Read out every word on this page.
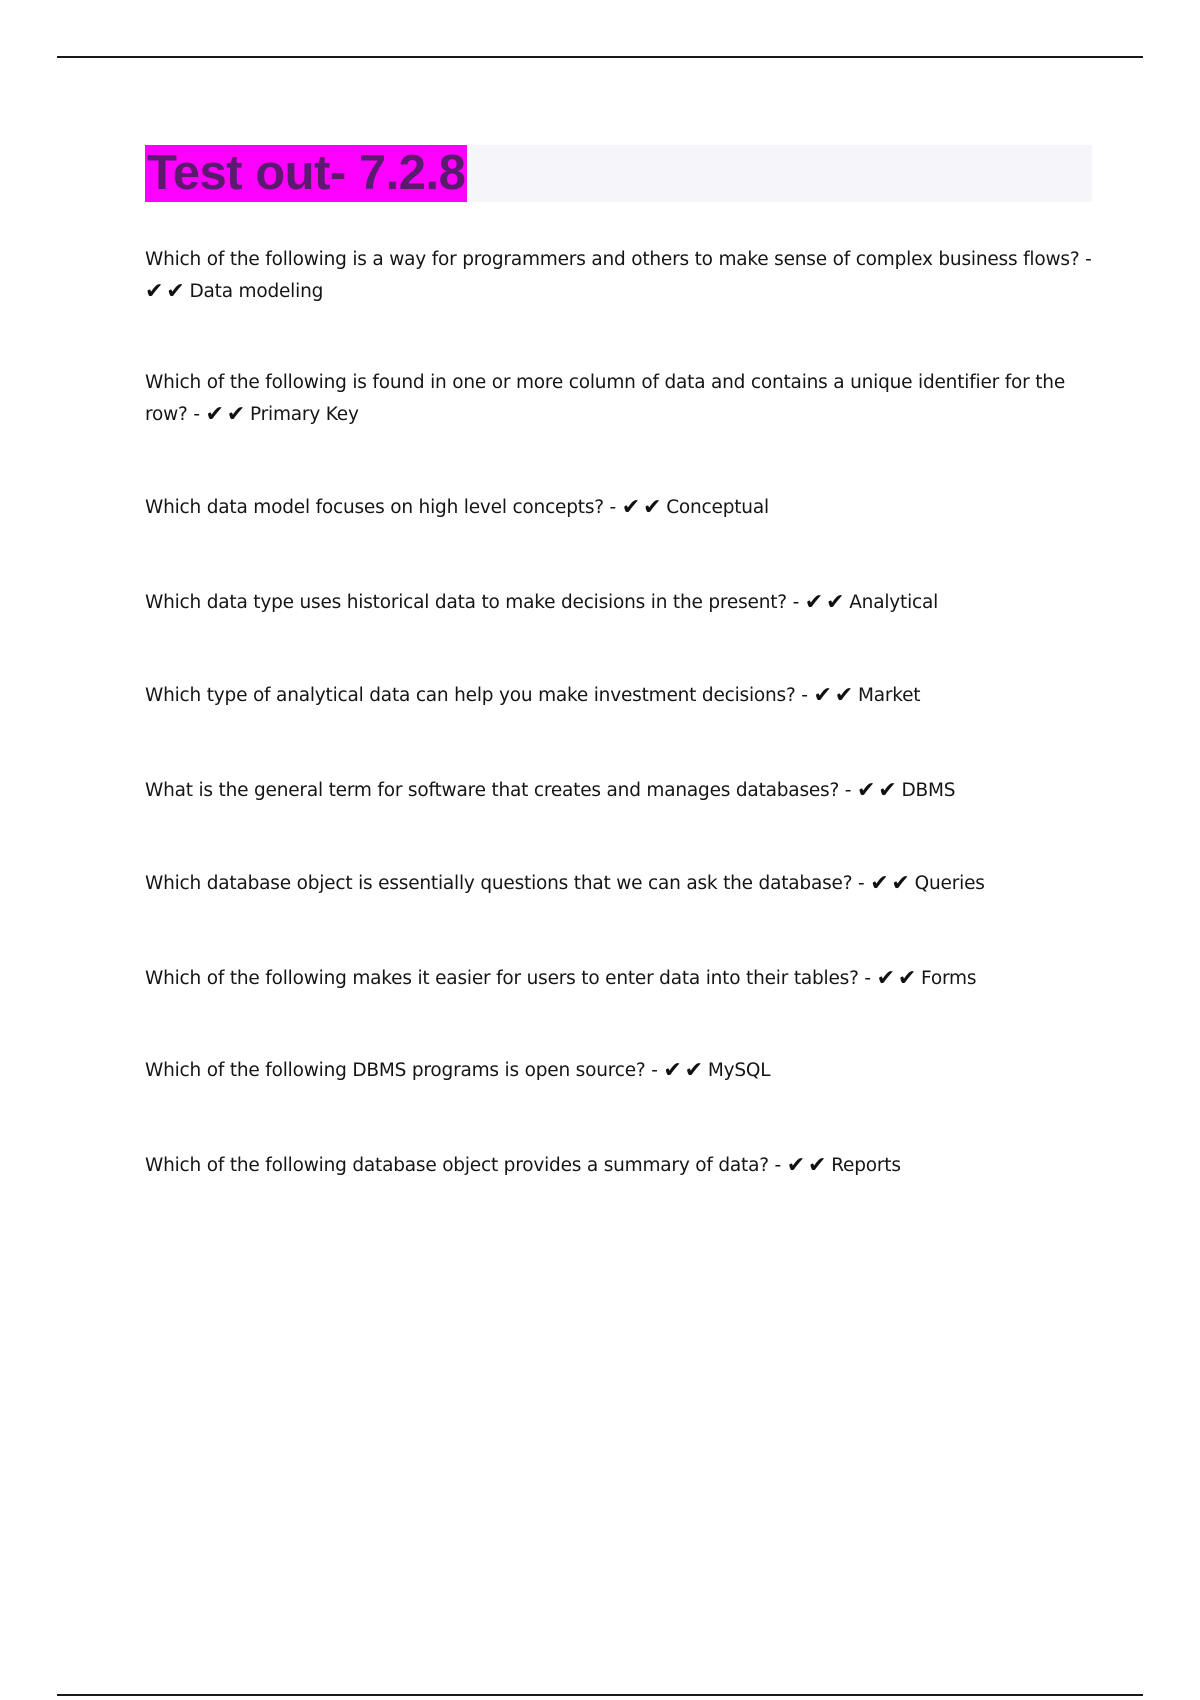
Test out- 7.2.8
Which of the following is a way for programmers and others to make sense of complex business flows? - ✔ ✔ Data modeling
Which of the following is found in one or more column of data and contains a unique identifier for the row? - ✔ ✔ Primary Key
Which data model focuses on high level concepts? - ✔ ✔ Conceptual
Which data type uses historical data to make decisions in the present? - ✔ ✔ Analytical
Which type of analytical data can help you make investment decisions? - ✔ ✔ Market
What is the general term for software that creates and manages databases? - ✔ ✔ DBMS
Which database object is essentially questions that we can ask the database? - ✔ ✔ Queries
Which of the following makes it easier for users to enter data into their tables? - ✔ ✔ Forms
Which of the following DBMS programs is open source? - ✔ ✔ MySQL
Which of the following database object provides a summary of data? - ✔ ✔ Reports
